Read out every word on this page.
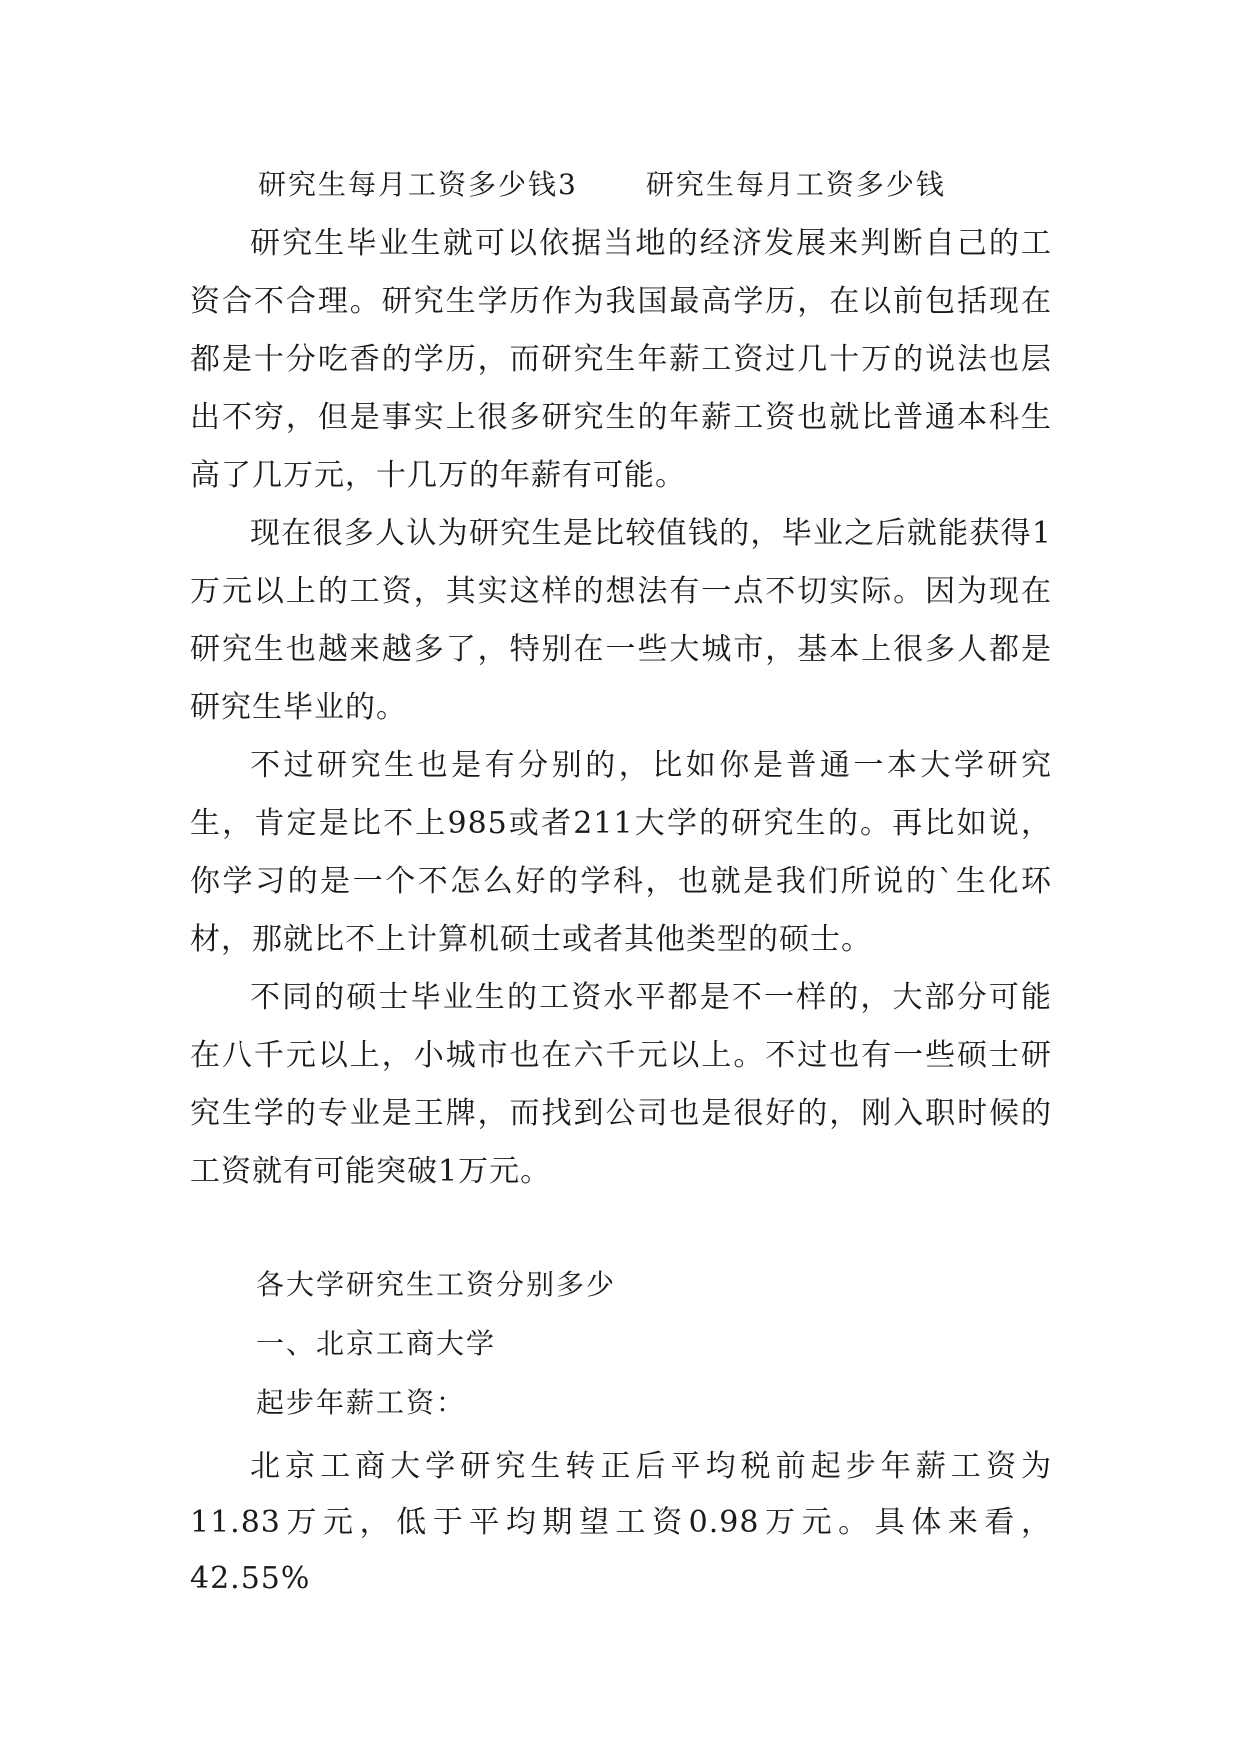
研究生每月工资多少钱3 研究生每月工资多少钱

研究生毕业生就可以依据当地的经济发展来判断自己的工资合不合理。研究生学历作为我国最高学历，在以前包括现在都是十分吃香的学历，而研究生年薪工资过几十万的说法也层出不穷，但是事实上很多研究生的年薪工资也就比普通本科生高了几万元，十几万的年薪有可能。

现在很多人认为研究生是比较值钱的，毕业之后就能获得1万元以上的工资，其实这样的想法有一点不切实际。因为现在研究生也越来越多了，特别在一些大城市，基本上很多人都是研究生毕业的。

不过研究生也是有分别的，比如你是普通一本大学研究生，肯定是比不上985或者211大学的研究生的。再比如说，你学习的是一个不怎么好的学科，也就是我们所说的`生化环材，那就比不上计算机硕士或者其他类型的硕士。

不同的硕士毕业生的工资水平都是不一样的，大部分可能在八千元以上，小城市也在六千元以上。不过也有一些硕士研究生学的专业是王牌，而找到公司也是很好的，刚入职时候的工资就有可能突破1万元。

各大学研究生工资分别多少
一、北京工商大学
起步年薪工资：

北京工商大学研究生转正后平均税前起步年薪工资为11.83万元，低于平均期望工资0.98万元。具体来看，42.55%
